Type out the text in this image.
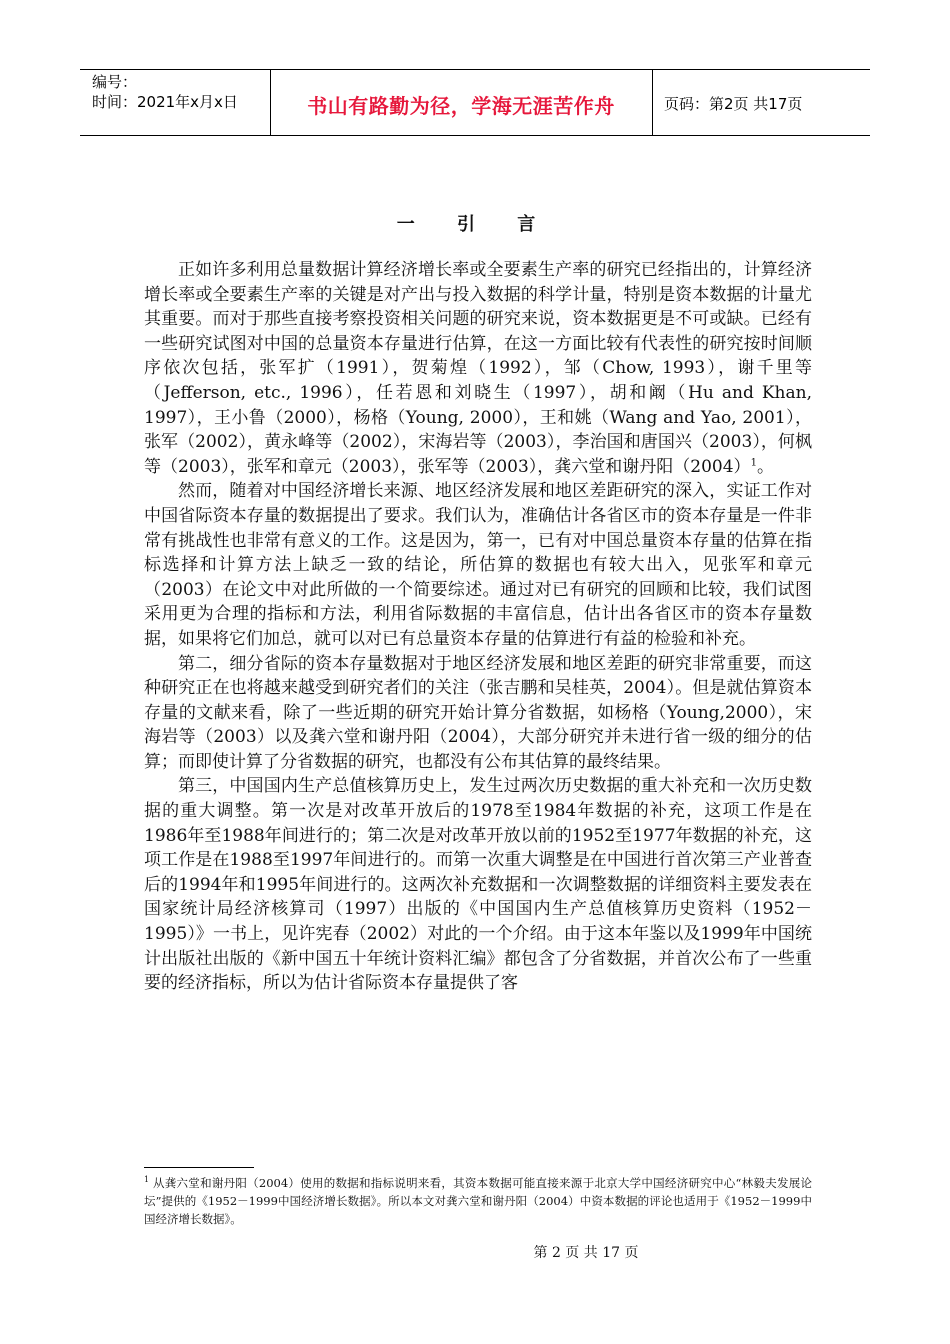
编号：
时间：2021年x月x日	书山有路勤为径，学海无涯苦作舟	页码：第2页 共17页
一 引 言

正如许多利用总量数据计算经济增长率或全要素生产率的研究已经指出的，计算经济增长率或全要素生产率的关键是对产出与投入数据的科学计量，特别是资本数据的计量尤其重要。而对于那些直接考察投资相关问题的研究来说，资本数据更是不可或缺。已经有一些研究试图对中国的总量资本存量进行估算，在这一方面比较有代表性的研究按时间顺序依次包括，张军扩（1991），贺菊煌（1992），邹（Chow, 1993），谢千里等（Jefferson, etc., 1996），任若恩和刘晓生（1997），胡和阚（Hu and Khan, 1997），王小鲁（2000），杨格（Young, 2000），王和姚（Wang and Yao, 2001），张军（2002），黄永峰等（2002），宋海岩等（2003），李治国和唐国兴（2003），何枫等（2003），张军和章元（2003），张军等（2003），龚六堂和谢丹阳$(2004)^1$。

然而，随着对中国经济增长来源、地区经济发展和地区差距研究的深入，实证工作对中国省际资本存量的数据提出了要求。我们认为，准确估计各省区市的资本存量是一件非常有挑战性也非常有意义的工作。这是因为，第一，已有对中国总量资本存量的估算在指标选择和计算方法上缺乏一致的结论，所估算的数据也有较大出入，见张军和章元（2003）在论文中对此所做的一个简要综述。通过对已有研究的回顾和比较，我们试图采用更为合理的指标和方法，利用省际数据的丰富信息，估计出各省区市的资本存量数据，如果将它们加总，就可以对已有总量资本存量的估算进行有益的检验和补充。

第二，细分省际的资本存量数据对于地区经济发展和地区差距的研究非常重要，而这种研究正在也将越来越受到研究者们的关注（张吉鹏和吴桂英，2004）。但是就估算资本存量的文献来看，除了一些近期的研究开始计算分省数据，如杨格（Young,2000），宋海岩等（2003）以及龚六堂和谢丹阳（2004），大部分研究并未进行省一级的细分的估算；而即使计算了分省数据的研究，也都没有公布其估算的最终结果。

第三，中国国内生产总值核算历史上，发生过两次历史数据的重大补充和一次历史数据的重大调整。第一次是对改革开放后的1978至1984年数据的补充，这项工作是在1986年至1988年间进行的；第二次是对改革开放以前的1952至1977年数据的补充，这项工作是在1988至1997年间进行的。而第一次重大调整是在中国进行首次第三产业普查后的1994年和1995年间进行的。这两次补充数据和一次调整数据的详细资料主要发表在国家统计局经济核算司（1997）出版的《中国国内生产总值核算历史资料（1952－1995）》一书上，见许宪春（2002）对此的一个介绍。由于这本年鉴以及1999年中国统计出版社出版的《新中国五十年统计资料汇编》都包含了分省数据，并首次公布了一些重要的经济指标，所以为估计省际资本存量提供了客

$^1$ 从龚六堂和谢丹阳（2004）使用的数据和指标说明来看，其资本数据可能直接来源于北京大学中国经济研究中心“林毅夫发展论坛”提供的《1952－1999中国经济增长数据》。所以本文对龚六堂和谢丹阳（2004）中资本数据的评论也适用于《1952－1999中国经济增长数据》。
第 2 页 共 17 页
